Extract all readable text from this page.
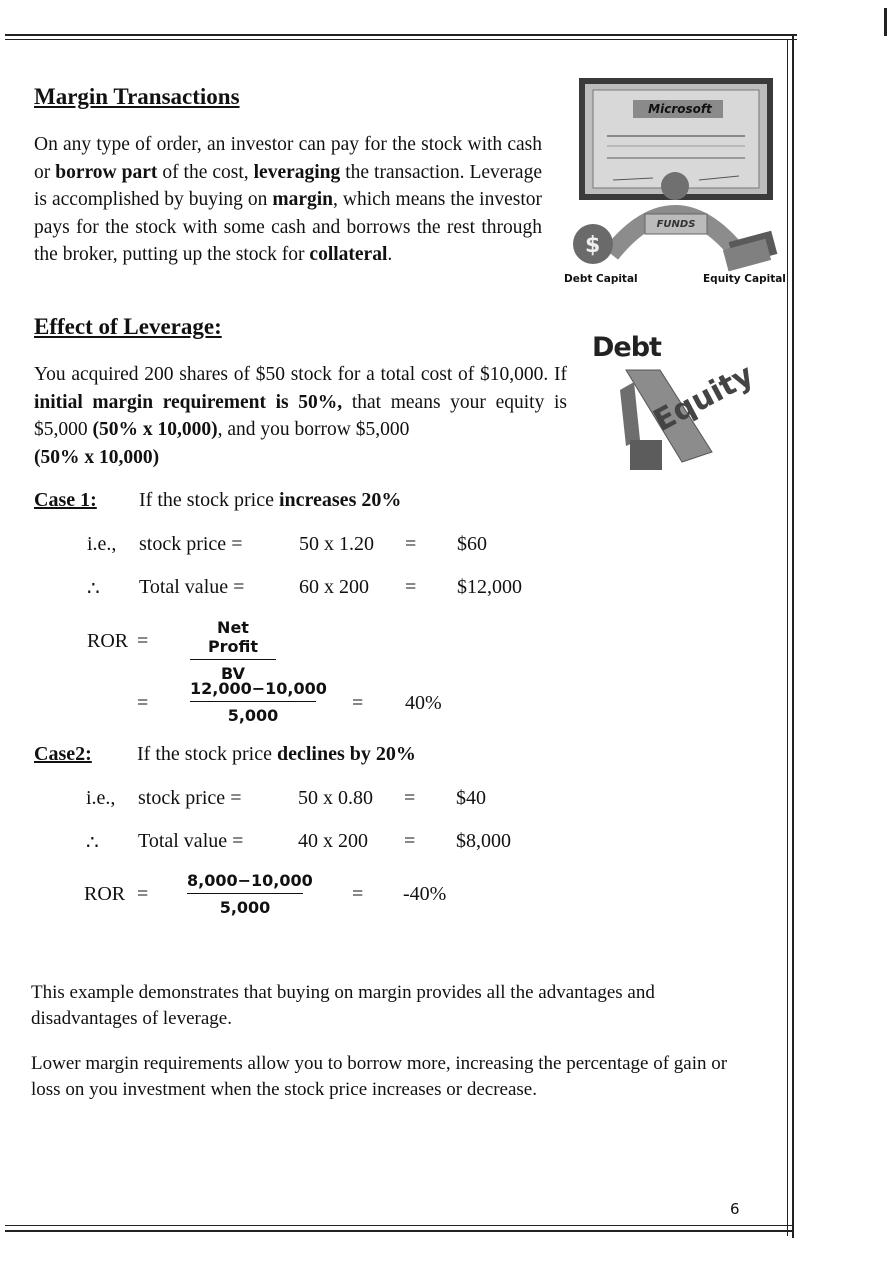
Margin Transactions

On any type of order, an investor can pay for the stock with cash or borrow part of the cost, leveraging the transaction. Leverage is accomplished by buying on margin, which means the investor pays for the stock with some cash and borrows the rest through the broker, putting up the stock for collateral.	$
Microsoft
FUNDS
Debt Capital	Equity Capital
Effect of Leverage:

You acquired 200 shares of $50 stock for a total cost of $10,000. If initial margin requirement is 50%, that means your equity is $5,000 (50% x 10,000), and you borrow $5,000
(50% x 10,000)

Debt
Equity
Case 1: If the stock price increases 20%
i.e., stock price =	50 x 1.20 = $60
∴ Total value =	60 x 200 = $12,000
ROR =
Net Profit
BV
=	$\frac{12,000-10,000}{5,000} = 40\%$
Case2: If the stock price declines by 20%
i.e., stock price =	50 x 0.80 = $40
∴ Total value =	40 x 200 = $8,000
ROR = $\frac{8,000-10,000}{5,000} = -40\%$

This example demonstrates that buying on margin provides all the advantages and disadvantages of leverage.

Lower margin requirements allow you to borrow more, increasing the percentage of gain or loss on you investment when the stock price increases or decrease.

6
